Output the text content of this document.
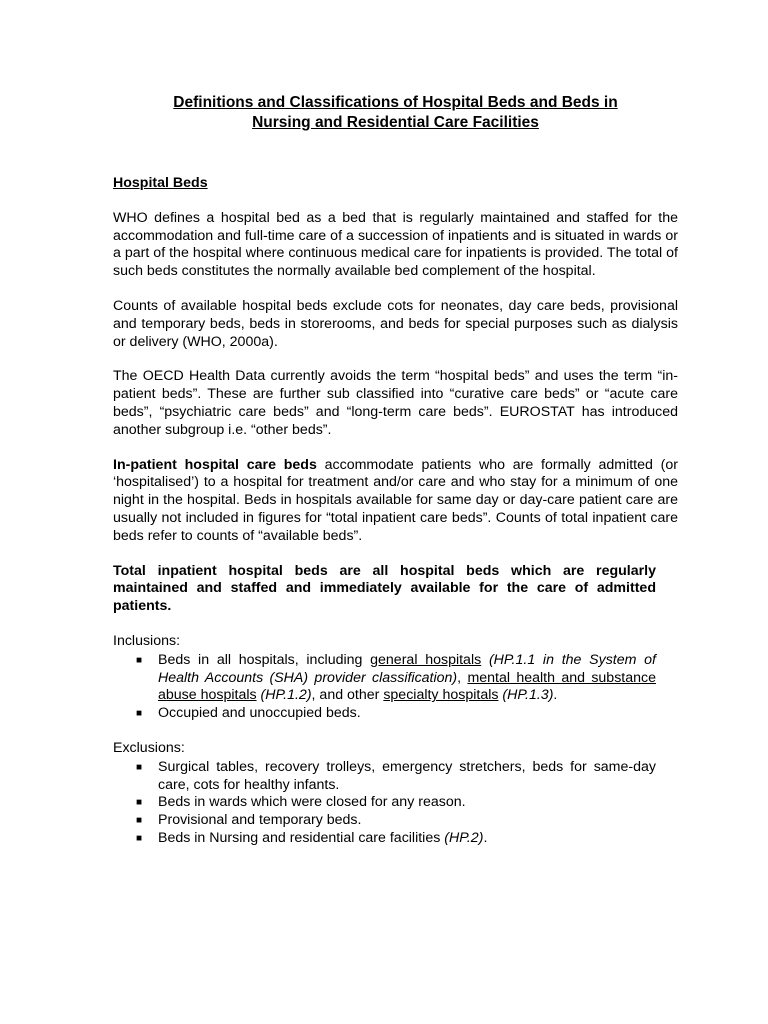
Definitions and Classifications of Hospital Beds and Beds in
Nursing and Residential Care Facilities
Hospital Beds

WHO defines a hospital bed as a bed that is regularly maintained and staffed for the accommodation and full-time care of a succession of inpatients and is situated in wards or a part of the hospital where continuous medical care for inpatients is provided. The total of such beds constitutes the normally available bed complement of the hospital.

Counts of available hospital beds exclude cots for neonates, day care beds, provisional and temporary beds, beds in storerooms, and beds for special purposes such as dialysis or delivery (WHO, 2000a).

The OECD Health Data currently avoids the term “hospital beds” and uses the term “in-patient beds”. These are further sub classified into “curative care beds” or “acute care beds”, “psychiatric care beds” and “long-term care beds”. EUROSTAT has introduced another subgroup i.e. “other beds”.

In-patient hospital care beds accommodate patients who are formally admitted (or ‘hospitalised’) to a hospital for treatment and/or care and who stay for a minimum of one night in the hospital. Beds in hospitals available for same day or day-care patient care are usually not included in figures for “total inpatient care beds”. Counts of total inpatient care beds refer to counts of “available beds”.

Total inpatient hospital beds are all hospital beds which are regularly maintained and staffed and immediately available for the care of admitted patients.
Inclusions:
■ Beds in all hospitals, including general hospitals (HP.1.1 in the System of Health Accounts (SHA) provider classification), mental health and substance abuse hospitals (HP.1.2), and other specialty hospitals (HP.1.3).
■ Occupied and unoccupied beds.
Exclusions:
■ Surgical tables, recovery trolleys, emergency stretchers, beds for same-day care, cots for healthy infants.
■ Beds in wards which were closed for any reason.
■ Provisional and temporary beds.
■ Beds in Nursing and residential care facilities (HP.2).
